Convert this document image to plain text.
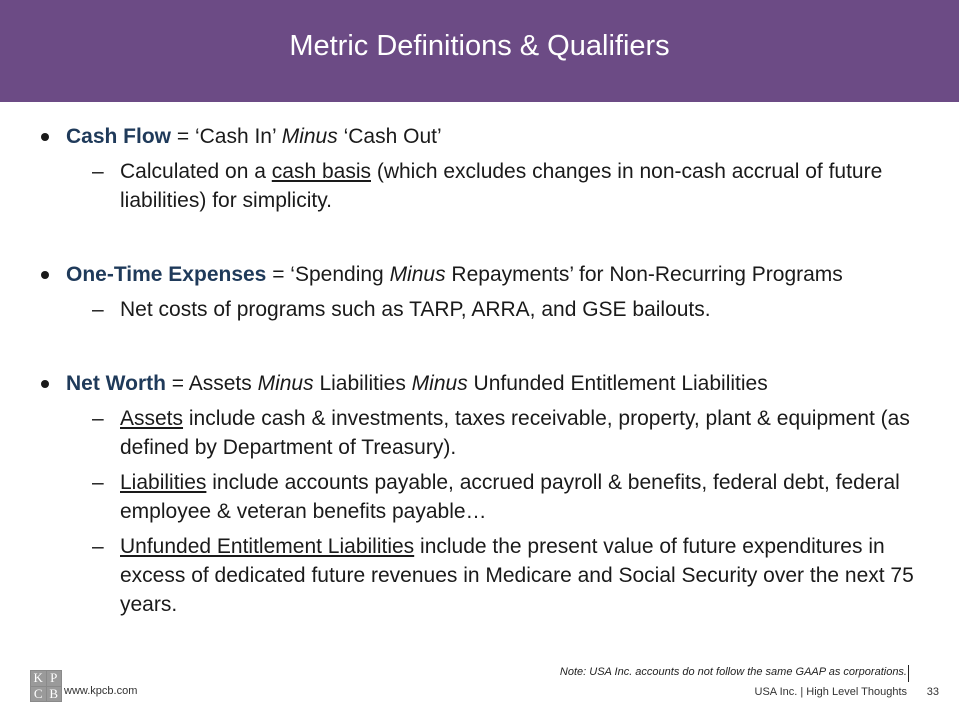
Metric Definitions & Qualifiers
Cash Flow = ‘Cash In’ Minus ‘Cash Out’
– Calculated on a cash basis (which excludes changes in non-cash accrual of future liabilities) for simplicity.
One-Time Expenses = ‘Spending Minus Repayments’ for Non-Recurring Programs
– Net costs of programs such as TARP, ARRA, and GSE bailouts.
Net Worth = Assets Minus Liabilities Minus Unfunded Entitlement Liabilities
– Assets include cash & investments, taxes receivable, property, plant & equipment (as defined by Department of Treasury).
– Liabilities include accounts payable, accrued payroll & benefits, federal debt, federal employee & veteran benefits payable…
– Unfunded Entitlement Liabilities include the present value of future expenditures in excess of dedicated future revenues in Medicare and Social Security over the next 75 years.
Note: USA Inc. accounts do not follow the same GAAP as corporations.
K P
C B www.kpcb.com	USA Inc. | High Level Thoughts 33
